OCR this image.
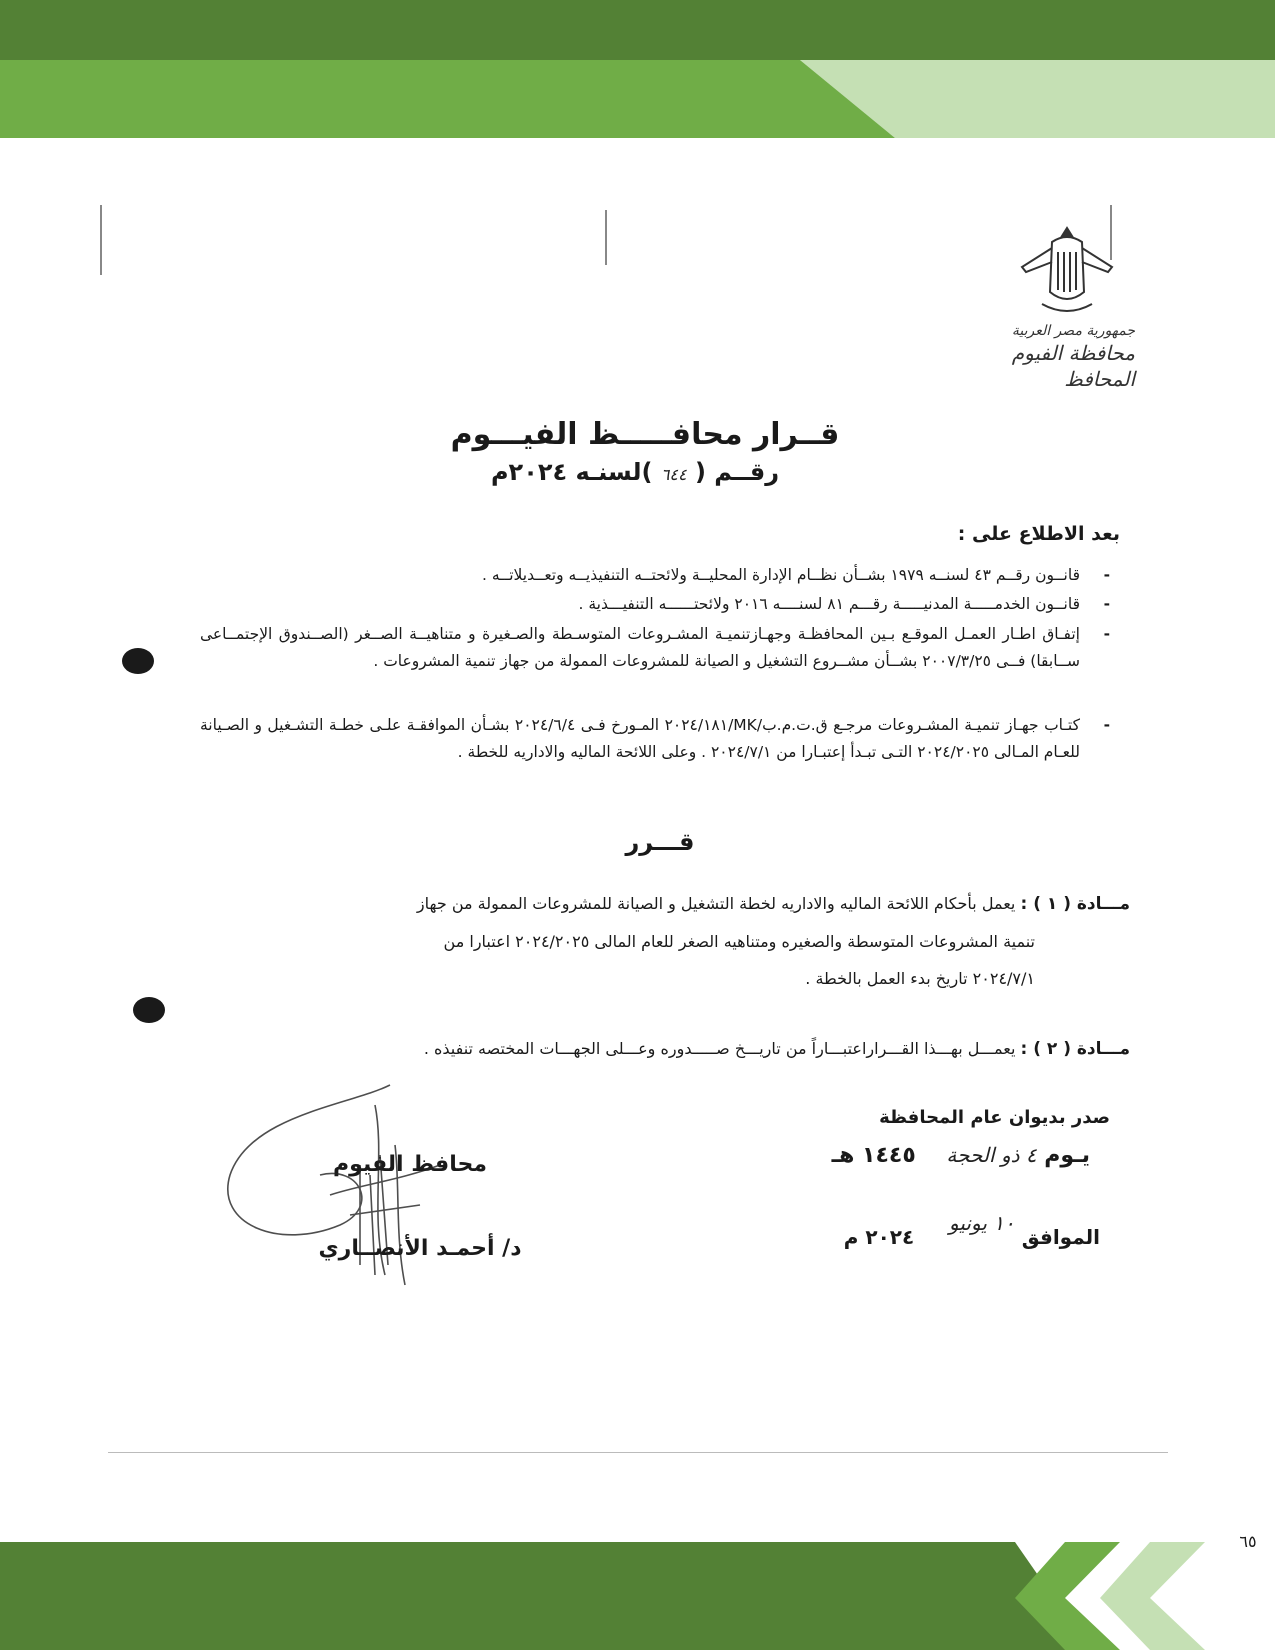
جمهورية مصر العربية
محافظة الفيوم
المحافظ
قــرار محافـــــظ الفيـــوم
رقــم ( ٦٤٤ )لسنـه ٢٠٢٤م
بعد الاطلاع على :
-
قانــون رقــم ٤٣ لسنــه ١٩٧٩ بشــأن نظــام الإدارة المحليــة ولائحتــه التنفيذيــه وتعــديلاتــه .
-
قانــون الخدمـــــة المدنيـــــة رقـــم ٨١ لسنــــه ٢٠١٦ ولائحتــــــه التنفيـــذية .
-
إتفـاق اطـار العمـل الموقـع بـين المحافظـة وجهـازتنميـة المشـروعات المتوسـطة والصـغيرة و متناهيــة الصــغر (الصــندوق الإجتمــاعى ســابقا) فــى ٢٠٠٧/٣/٢٥ بشــأن مشــروع التشغيل و الصيانة للمشروعات الممولة من جهاز تنمية المشروعات .
-
كتـاب جهـاز تنميـة المشـروعات مرجـع ق.ت.م.ب/MK/٢٠٢٤/١٨١ المـورخ فـى ٢٠٢٤/٦/٤ بشـأن الموافقـة علـى خطـة التشـغيل و الصـيانة للعـام المـالى ٢٠٢٤/٢٠٢٥ التـى تبـدأ إعتبـارا من ٢٠٢٤/٧/١ . وعلى اللائحة الماليه والاداريه للخطة .
قـــرر
مـــادة ( ١ ) : يعمل بأحكام اللائحة الماليه والاداريه لخطة التشغيل و الصيانة للمشروعات الممولة من جهاز
تنمية المشروعات المتوسطة والصغيره ومتناهيه الصغر للعام المالى ٢٠٢٤/٢٠٢٥ اعتبارا من
٢٠٢٤/٧/١ تاريخ بدء العمل بالخطة .
مـــادة ( ٢ ) : يعمـــل بهـــذا القـــراراعتبـــاراً من تاريـــخ صـــــدوره وعـــلى الجهـــات المختصه تنفيذه .
صدر بديوان عام المحافظة
يـوم ٤ ذو الحجة    ١٤٤٥ هـ
الموافق ١٠ يونيو     ٢٠٢٤ م
محافظ الفيوم
د/ أحمـد الأنصــاري
٦٥
